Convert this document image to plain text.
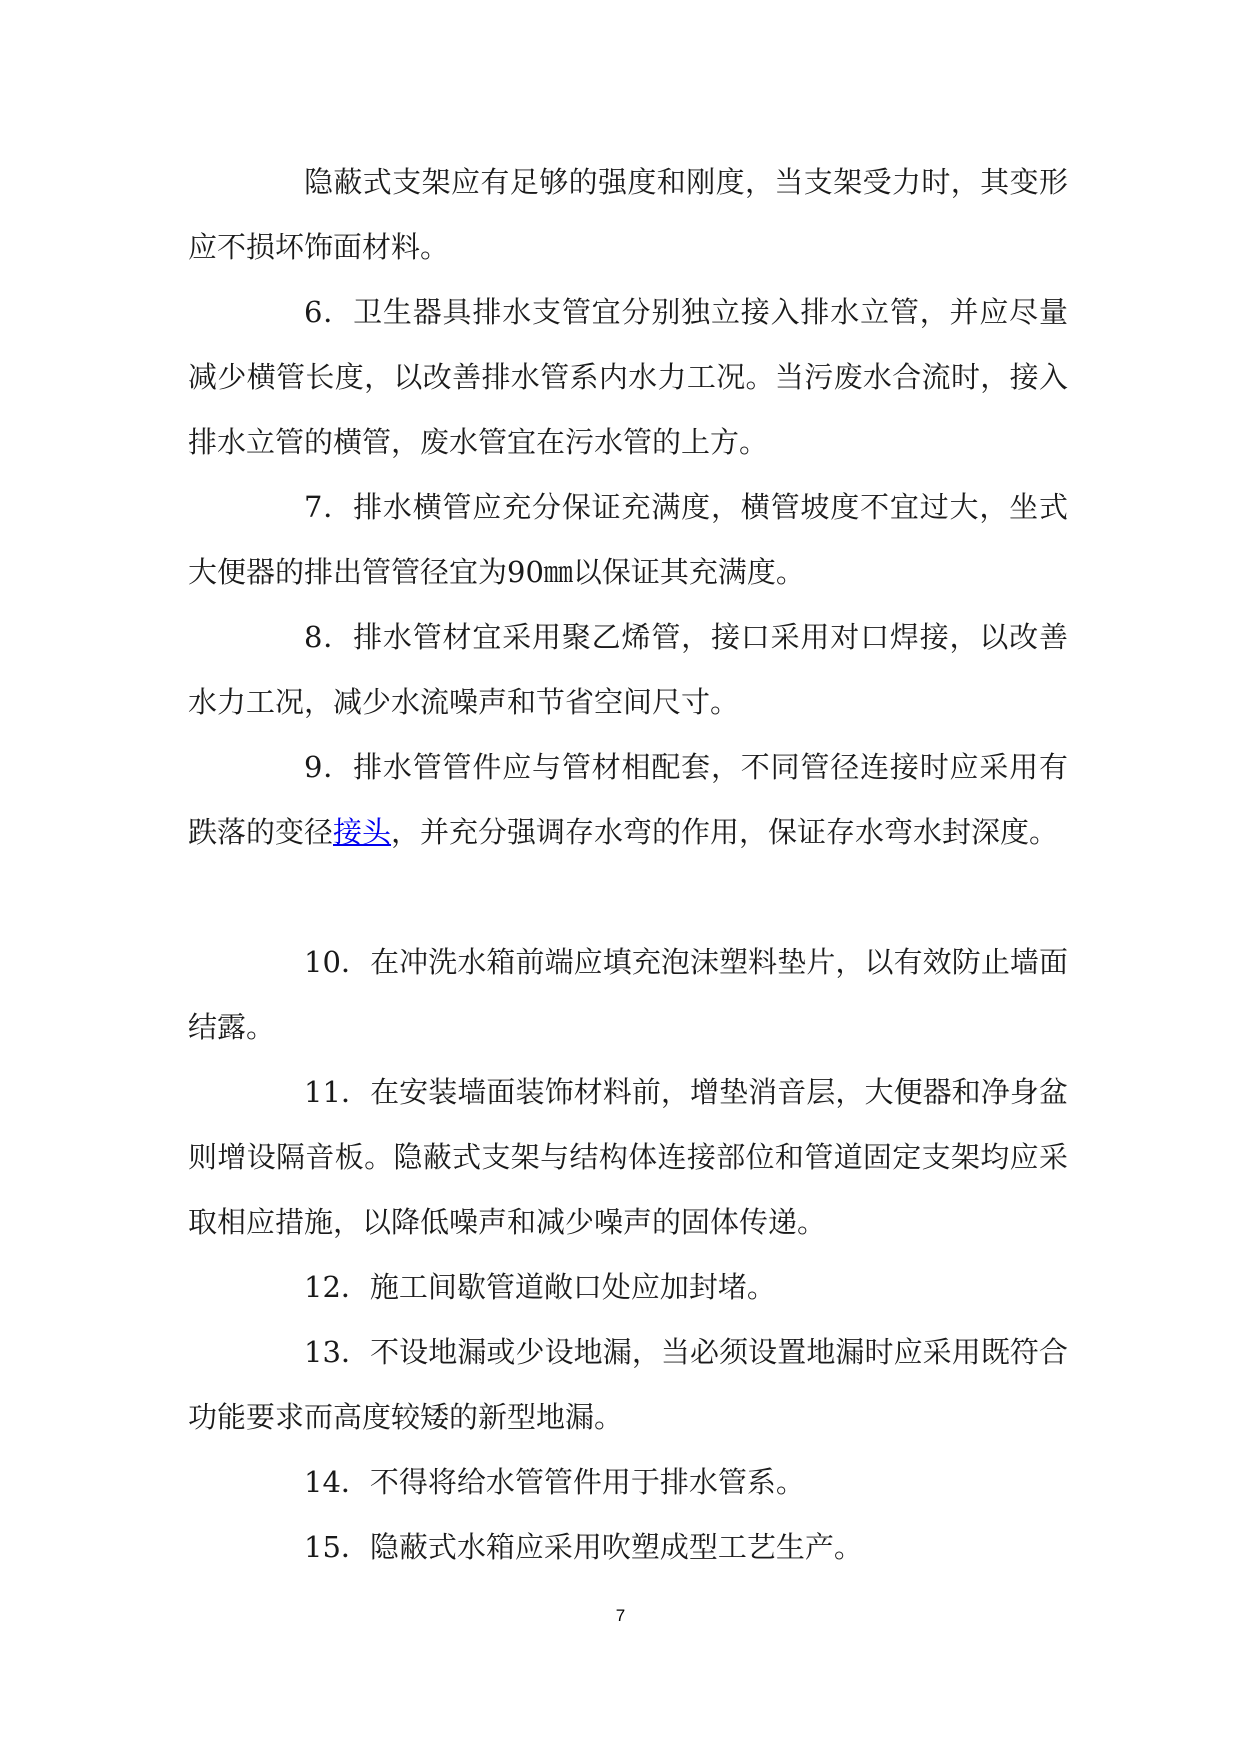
隐蔽式支架应有足够的强度和刚度，当支架受力时，其变形应不损坏饰面材料。

6．卫生器具排水支管宜分别独立接入排水立管，并应尽量减少横管长度，以改善排水管系内水力工况。当污废水合流时，接入排水立管的横管，废水管宜在污水管的上方。

7．排水横管应充分保证充满度，横管坡度不宜过大，坐式大便器的排出管管径宜为90㎜以保证其充满度。

8．排水管材宜采用聚乙烯管，接口采用对口焊接，以改善水力工况，减少水流噪声和节省空间尺寸。

9．排水管管件应与管材相配套，不同管径连接时应采用有跌落的变径接头，并充分强调存水弯的作用，保证存水弯水封深度。

10．在冲洗水箱前端应填充泡沫塑料垫片，以有效防止墙面结露。

11．在安装墙面装饰材料前，增垫消音层，大便器和净身盆则增设隔音板。隐蔽式支架与结构体连接部位和管道固定支架均应采取相应措施，以降低噪声和减少噪声的固体传递。

12．施工间歇管道敞口处应加封堵。

13．不设地漏或少设地漏，当必须设置地漏时应采用既符合功能要求而高度较矮的新型地漏。

14．不得将给水管管件用于排水管系。

15．隐蔽式水箱应采用吹塑成型工艺生产。

7
